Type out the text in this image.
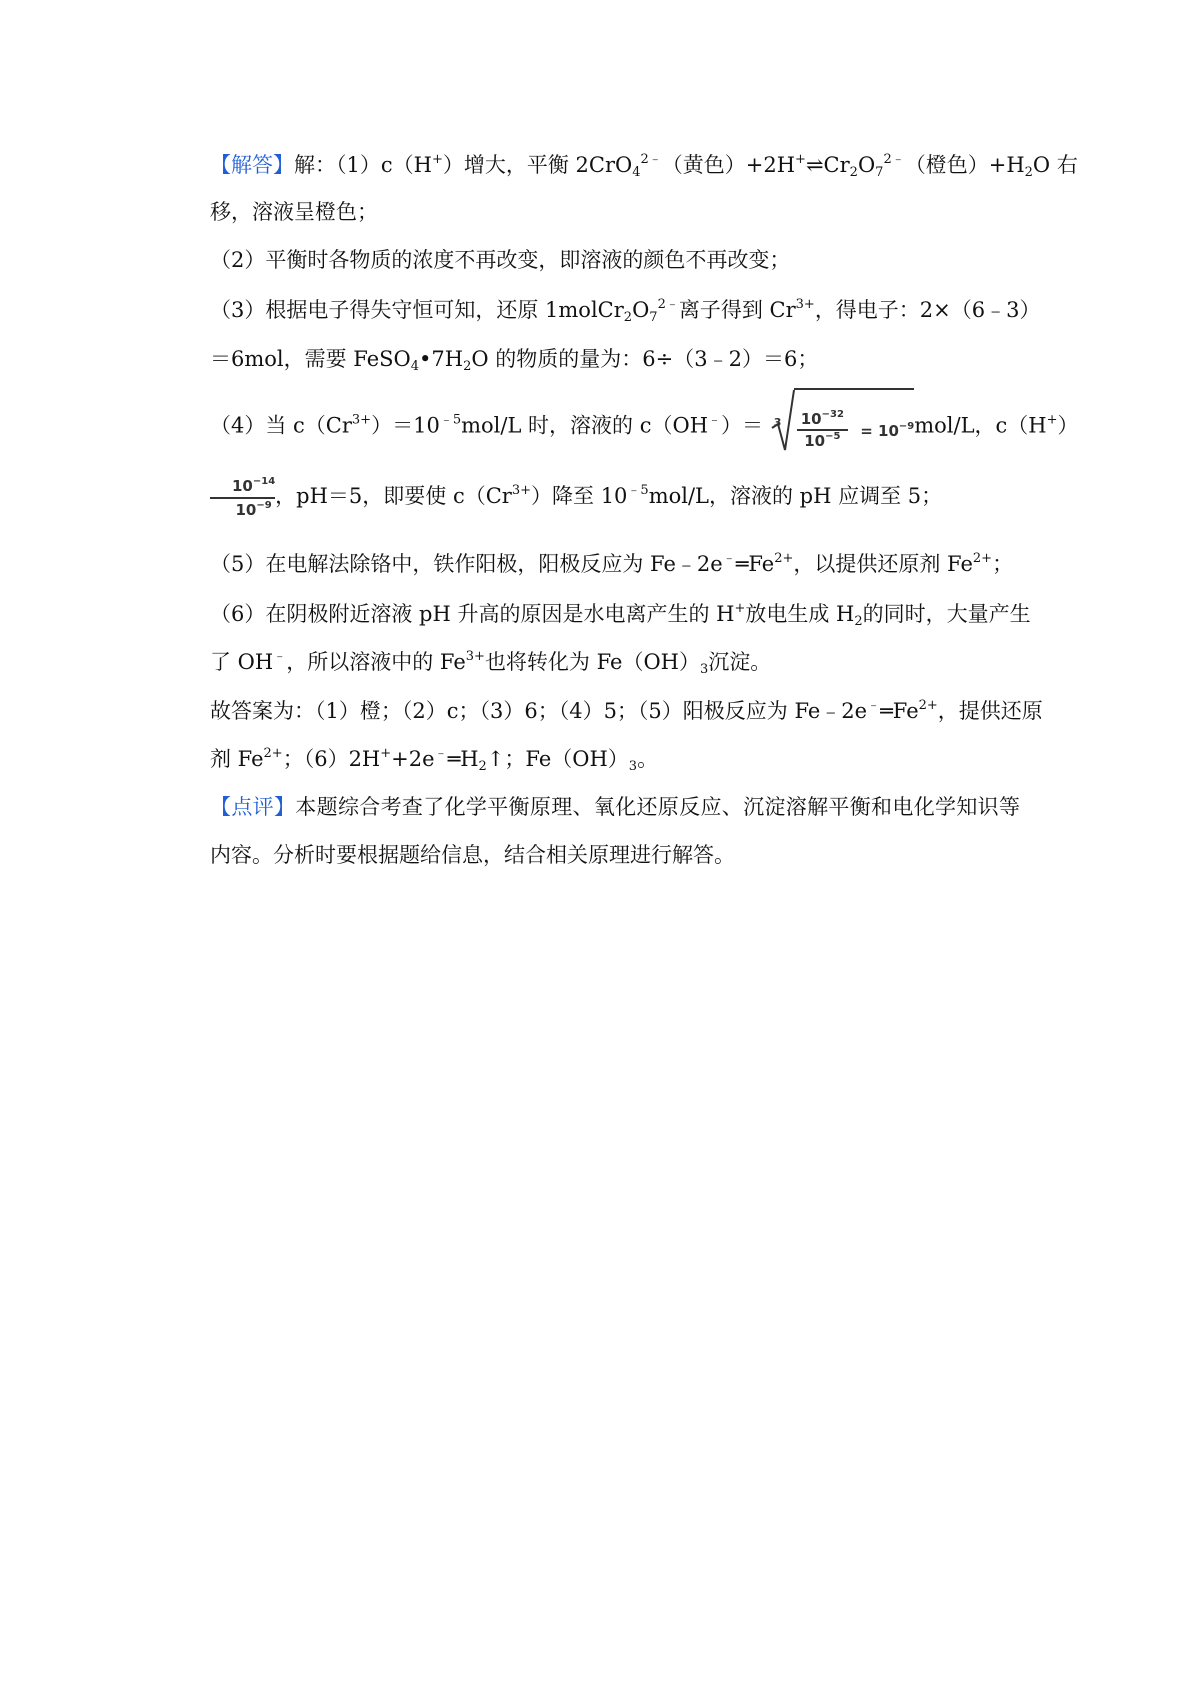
【解答】解：（1）c（H+）增大，平衡 2CrO$_4^{2﹣}$（黄色）$+2H^+\rightleftharpoons Cr_2O_7^{2﹣}$（橙色）$+H_2O$ 右
移，溶液呈橙色；
（2）平衡时各物质的浓度不再改变，即溶液的颜色不再改变；
（3）根据电子得失守恒可知，还原 $1molCr_2O_7^{2﹣}$离子得到 $Cr^{3+}$，得电子：2×（6﹣3）
＝6mol，需要 $FeSO_4•7H_2O$ 的物质的量为：6÷（3﹣2）＝6；
（4）当 $c(Cr^{3+})=10^{﹣5}mol/L$ 时，溶液的 $c(OH^﹣)= 3 \frac{10^{-32}}{10^{-5}} = 10^{-9}mol/L$，c（H+）
$\frac{10^{-14}}{10^{-9}}$ ，pH＝5，即要使 $c(Cr^{3+})$降至 $10^{﹣5}mol/L$，溶液的 pH 应调至 5；
（5）在电解法除铬中，铁作阳极，阳极反应为 $Fe﹣2e^﹣═Fe^{2+}$，以提供还原剂 $Fe^{2+}$；
（6）在阴极附近溶液 pH 升高的原因是水电离产生的 H+放电生成 $H_2$的同时，大量产生
了 OH﹣，所以溶液中的 $Fe^{3+}$也将转化为 $Fe(OH)_3$沉淀。
故答案为：（1）橙；（2）c；（3）6；（4）5；（5）阳极反应为 $Fe﹣2e^﹣═Fe^{2+}$，提供还原
剂 $Fe^{2+}$；$(6)2H^++2e^﹣═H_2↑$；$Fe(OH)_3$。
【点评】本题综合考查了化学平衡原理、氧化还原反应、沉淀溶解平衡和电化学知识等
内容。分析时要根据题给信息，结合相关原理进行解答。
